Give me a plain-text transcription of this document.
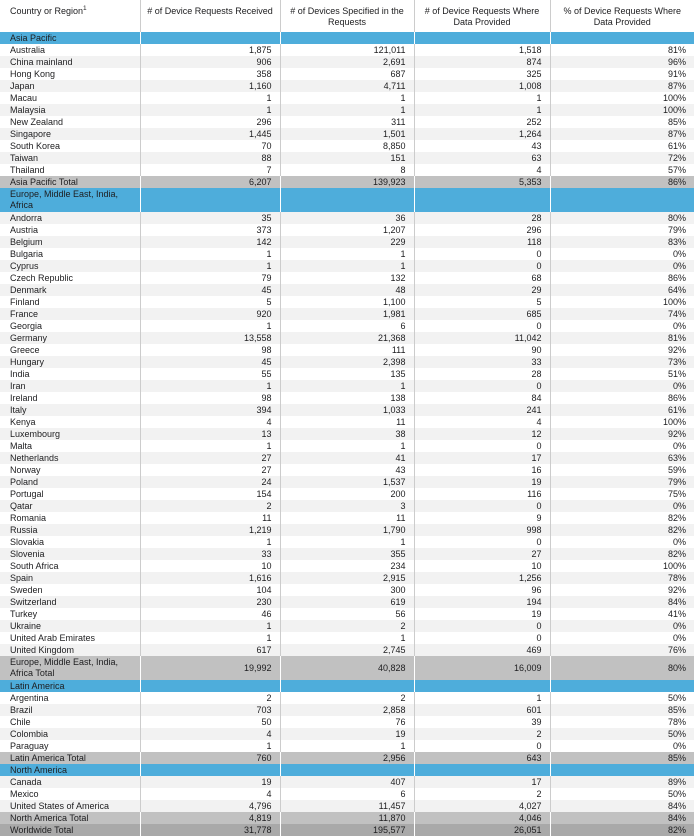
Country or Region$^1$	# of Device Requests Received	# of Devices Specified in the Requests	# of Device Requests Where Data Provided	% of Device Requests Where Data Provided
Asia Pacific				
Australia	1,875	121,011	1,518	81%
China mainland	906	2,691	874	96%
Hong Kong	358	687	325	91%
Japan	1,160	4,711	1,008	87%
Macau	1	1	1	100%
Malaysia	1	1	1	100%
New Zealand	296	311	252	85%
Singapore	1,445	1,501	1,264	87%
South Korea	70	8,850	43	61%
Taiwan	88	151	63	72%
Thailand	7	8	4	57%
Asia Pacific Total	6,207	139,923	5,353	86%
Europe, Middle East, India, Africa				
Andorra	35	36	28	80%
Austria	373	1,207	296	79%
Belgium	142	229	118	83%
Bulgaria	1	1	0	0%
Cyprus	1	1	0	0%
Czech Republic	79	132	68	86%
Denmark	45	48	29	64%
Finland	5	1,100	5	100%
France	920	1,981	685	74%
Georgia	1	6	0	0%
Germany	13,558	21,368	11,042	81%
Greece	98	111	90	92%
Hungary	45	2,398	33	73%
India	55	135	28	51%
Iran	1	1	0	0%
Ireland	98	138	84	86%
Italy	394	1,033	241	61%
Kenya	4	11	4	100%
Luxembourg	13	38	12	92%
Malta	1	1	0	0%
Netherlands	27	41	17	63%
Norway	27	43	16	59%
Poland	24	1,537	19	79%
Portugal	154	200	116	75%
Qatar	2	3	0	0%
Romania	11	11	9	82%
Russia	1,219	1,790	998	82%
Slovakia	1	1	0	0%
Slovenia	33	355	27	82%
South Africa	10	234	10	100%
Spain	1,616	2,915	1,256	78%
Sweden	104	300	96	92%
Switzerland	230	619	194	84%
Turkey	46	56	19	41%
Ukraine	1	2	0	0%
United Arab Emirates	1	1	0	0%
United Kingdom	617	2,745	469	76%
Europe, Middle East, India, Africa Total	19,992	40,828	16,009	80%
Latin America				
Argentina	2	2	1	50%
Brazil	703	2,858	601	85%
Chile	50	76	39	78%
Colombia	4	19	2	50%
Paraguay	1	1	0	0%
Latin America Total	760	2,956	643	85%
North America				
Canada	19	407	17	89%
Mexico	4	6	2	50%
United States of America	4,796	11,457	4,027	84%
North America Total	4,819	11,870	4,046	84%
Worldwide Total	31,778	195,577	26,051	82%
